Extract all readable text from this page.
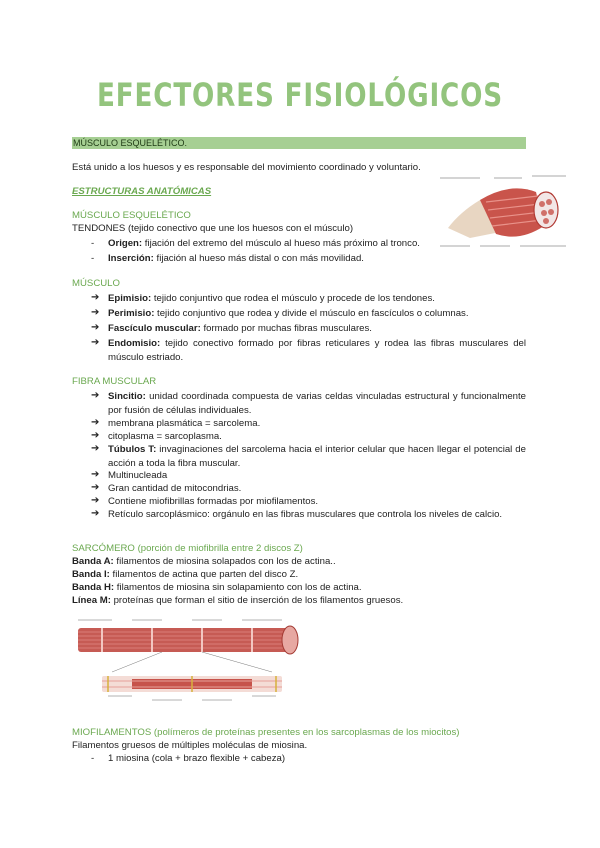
EFECTORES FISIOLÓGICOS
MÚSCULO ESQUELÉTICO.
Está unido a los huesos y es responsable del movimiento coordinado y voluntario.
ESTRUCTURAS ANATÓMICAS
MÚSCULO ESQUELÉTICO
TENDONES (tejido conectivo que une los huesos con el músculo)
- Origen: fijación del extremo del músculo al hueso más próximo al tronco.
- Inserción: fijación al hueso más distal o con más movilidad.
MÚSCULO
➔ Epimisio: tejido conjuntivo que rodea el músculo y procede de los tendones.
➔ Perimisio: tejido conjuntivo que rodea y divide el músculo en fascículos o columnas.
➔ Fascículo muscular: formado por muchas fibras musculares.
➔ Endomisio: tejido conectivo formado por fibras reticulares y rodea las fibras musculares del músculo estriado.
FIBRA MUSCULAR
➔ Sincitio: unidad coordinada compuesta de varias celdas vinculadas estructural y funcionalmente por fusión de células individuales.
➔ membrana plasmática = sarcolema.
➔ citoplasma = sarcoplasma.
➔ Túbulos T: invaginaciones del sarcolema hacia el interior celular que hacen llegar el potencial de acción a toda la fibra muscular.
➔ Multinucleada
➔ Gran cantidad de mitocondrias.
➔ Contiene miofibrillas formadas por miofilamentos.
➔ Retículo sarcoplásmico: orgánulo en las fibras musculares que controla los niveles de calcio.
SARCÓMERO (porción de miofibrilla entre 2 discos Z)
Banda A: filamentos de miosina solapados con los de actina..
Banda I: filamentos de actina que parten del disco Z.
Banda H: filamentos de miosina sin solapamiento con los de actina.
Línea M: proteínas que forman el sitio de inserción de los filamentos gruesos.
MIOFILAMENTOS (polímeros de proteínas presentes en los sarcoplasmas de los miocitos)
Filamentos gruesos de múltiples moléculas de miosina.
- 1 miosina (cola + brazo flexible + cabeza)
